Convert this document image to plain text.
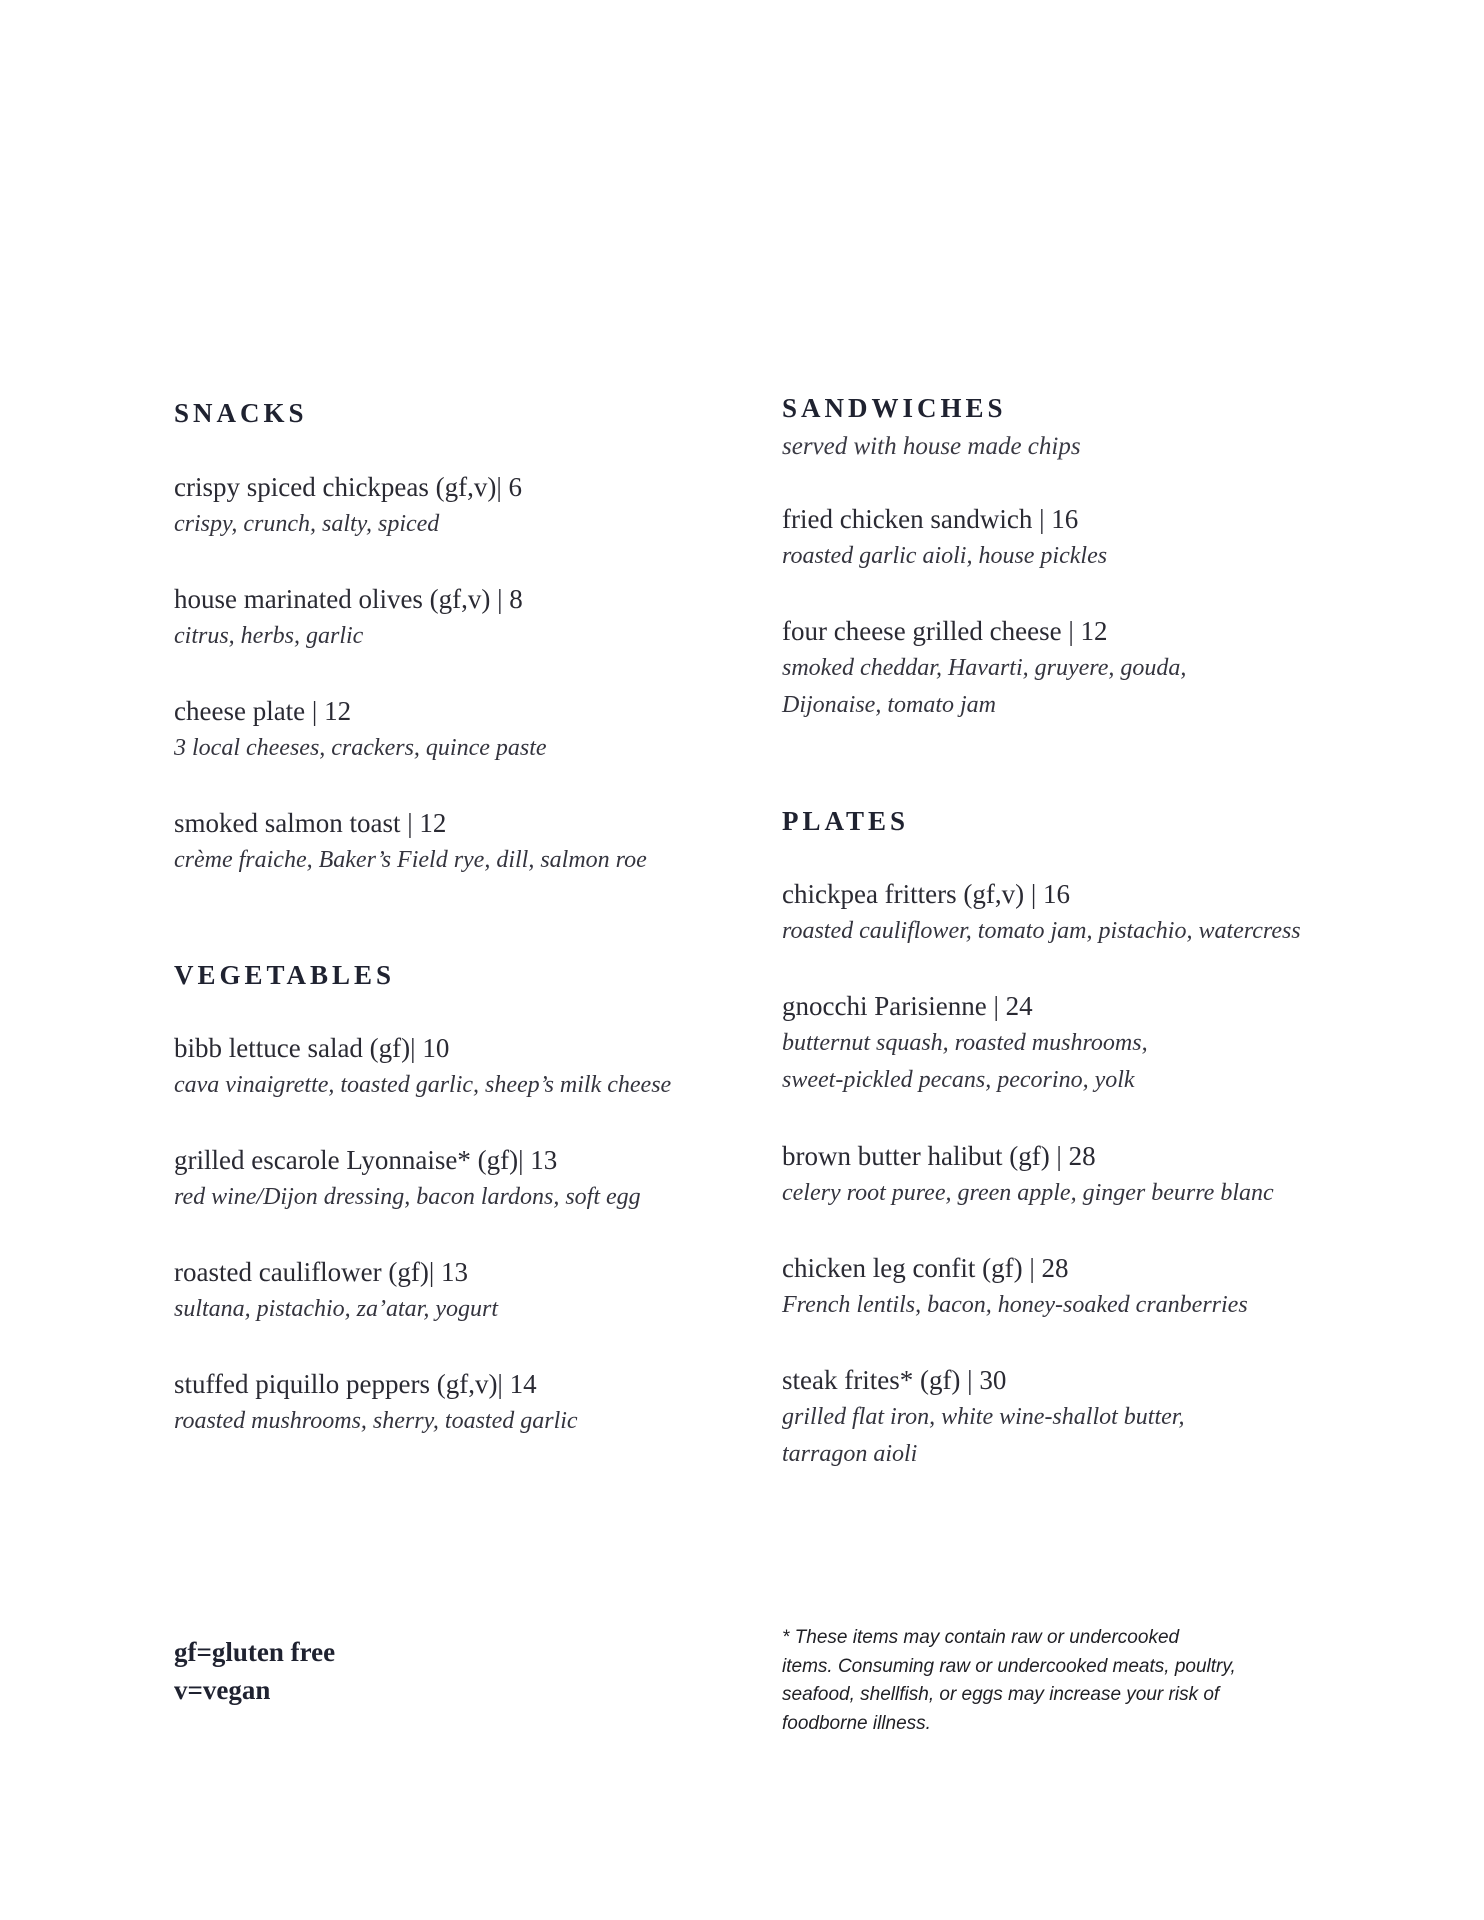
SNACKS
crispy spiced chickpeas (gf,v)| 6
crispy, crunch, salty, spiced
house marinated olives (gf,v) | 8
citrus, herbs, garlic
cheese plate | 12
3 local cheeses, crackers, quince paste
smoked salmon toast | 12
crème fraiche, Baker’s Field rye, dill, salmon roe
VEGETABLES
bibb lettuce salad (gf)| 10
cava vinaigrette, toasted garlic, sheep’s milk cheese
grilled escarole Lyonnaise* (gf)| 13
red wine/Dijon dressing, bacon lardons, soft egg
roasted cauliflower (gf)| 13
sultana, pistachio, za’atar, yogurt
stuffed piquillo peppers (gf,v)| 14
roasted mushrooms, sherry, toasted garlic
SANDWICHES
served with house made chips
fried chicken sandwich | 16
roasted garlic aioli, house pickles
four cheese grilled cheese | 12
smoked cheddar, Havarti, gruyere, gouda,
Dijonaise, tomato jam
PLATES
chickpea fritters (gf,v) | 16
roasted cauliflower, tomato jam, pistachio, watercress
gnocchi Parisienne | 24
butternut squash, roasted mushrooms,
sweet-pickled pecans, pecorino, yolk
brown butter halibut (gf) | 28
celery root puree, green apple, ginger beurre blanc
chicken leg confit (gf) | 28
French lentils, bacon, honey-soaked cranberries
steak frites* (gf) | 30
grilled flat iron, white wine-shallot butter,
tarragon aioli
gf=gluten free
v=vegan
* These items may contain raw or undercooked
items. Consuming raw or undercooked meats, poultry,
seafood, shellfish, or eggs may increase your risk of
foodborne illness.
